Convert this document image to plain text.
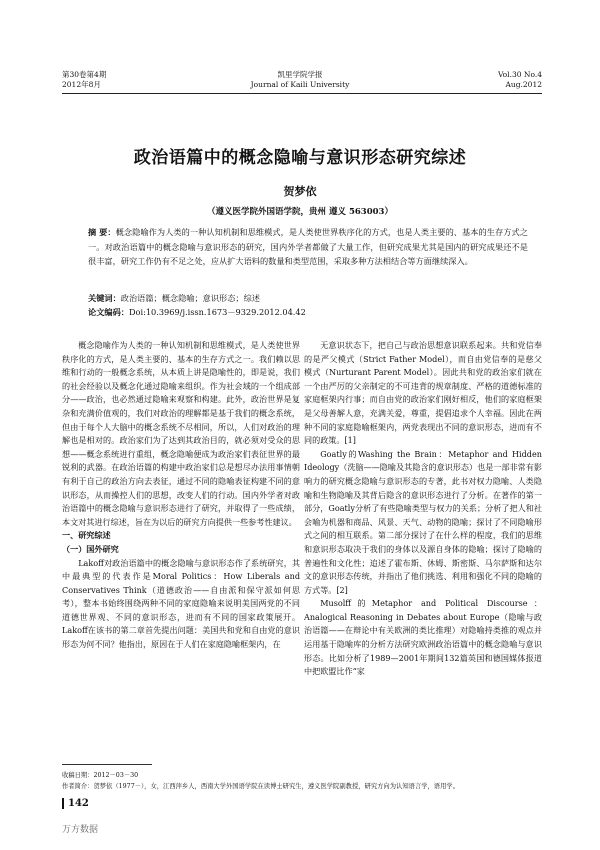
第30卷第4期
2012年8月
凯里学院学报
Journal of Kaili University
Vol.30 No.4
Aug.2012
政治语篇中的概念隐喻与意识形态研究综述
贺梦依
（遵义医学院外国语学院，贵州 遵义 563003）
摘 要：概念隐喻作为人类的一种认知机制和思维模式，是人类使世界秩序化的方式，也是人类主要的、基本的生存方式之一。对政治语篇中的概念隐喻与意识形态的研究，国内外学者都做了大量工作，但研究成果尤其是国内的研究成果还不是很丰富，研究工作仍有不足之处，应从扩大语料的数量和类型范围，采取多种方法相结合等方面继续深入。
关键词：政治语篇；概念隐喻；意识形态；综述
论文编码：Doi:10.3969/j.issn.1673－9329.2012.04.42

概念隐喻作为人类的一种认知机制和思维模式，是人类使世界秩序化的方式，是人类主要的、基本的生存方式之一。我们赖以思维和行动的一般概念系统，从本质上讲是隐喻性的，即是说，我们的社会经验以及概念化通过隐喻来组织。作为社会域的一个组成部分——政治，也必然通过隐喻来观察和构建。此外，政治世界是复杂和充满价值观的，我们对政治的理解都是基于我们的概念系统，但由于每个人大脑中的概念系统不尽相同，所以，人们对政治的理解也是相对的。政治家们为了达到其政治目的，就必须对受众的思想——概念系统进行重组，概念隐喻便成为政治家们表征世界的最锐利的武器。在政治语篇的构建中政治家们总是想尽办法用事情朝有利于自己的政治方向去表征，通过不同的隐喻表征构建不同的意识形态，从而操控人们的思想，改变人们的行动。国内外学者对政治语篇中的概念隐喻与意识形态进行了研究，并取得了一些成绩，本文对其进行综述，旨在为以后的研究方向提供一些参考性建议。

一、研究综述

（一）国外研究

Lakoff对政治语篇中的概念隐喻与意识形态作了系统研究，其中最典型的代表作是Moral Politics：How Liberals and Conservatives Think（道德政治——自由派和保守派如何思考），整本书始终围绕两种不同的家庭隐喻来说明美国两党的不同道德世界观、不同的意识形态，进而有不同的国家政策展开。Lakoff在该书的第二章首先提出问题：美国共和党和自由党的意识形态为何不同？他指出，原因在于人们在家庭隐喻框架内，在

无意识状态下，把自己与政治思想意识联系起来。共和党信奉的是严父模式（Strict Father Model），而自由党信奉的是慈父模式（Nurturant Parent Model）。因此共和党的政治家们就在一个由严厉的父亲制定的不可违背的规章制度、严格的道德标准的家庭框架内行事；而自由党的政治家们刚好相反，他们的家庭框架是父母善解人意，充满关爱，尊重，提倡追求个人幸福。因此在两种不同的家庭隐喻框架内，两党表现出不同的意识形态，进而有不同的政策。[1]

Goatly的Washing the Brain：Metaphor and Hidden Ideology（洗脑——隐喻及其隐含的意识形态）也是一部非常有影响力的研究概念隐喻与意识形态的专著，此书对权力隐喻、人类隐喻和生物隐喻及其背后隐含的意识形态进行了分析。在著作的第一部分，Goatly分析了有些隐喻类型与权力的关系；分析了把人和社会喻为机器和商品、风景、天气、动物的隐喻；探讨了不同隐喻形式之间的相互联系。第二部分探讨了在什么样的程度，我们的思维和意识形态取决于我们的身体以及源自身体的隐喻；探讨了隐喻的普遍性和文化性；追述了霍布斯、休姆、斯密斯、马尔萨斯和达尔文的意识形态传统，并指出了他们挑选、利用和强化不同的隐喻的方式等。[2]

Musolff的Metaphor and Political Discourse：Analogical Reasoning in Debates about Europe（隐喻与政治语篇——在辩论中有关欧洲的类比推理）对隐喻持类推的观点并运用基于隐喻库的分析方法研究欧洲政治语篇中的概念隐喻与意识形态。比如分析了1989—2001年期间132篇英国和德国媒体报道中把欧盟比作“家

收稿日期：2012－03－30
作者简介：贺梦依（1977－），女，江西萍乡人，西南大学外国语学院在读博士研究生，遵义医学院副教授，研究方向为认知语言学，语用学。
142
万方数据
